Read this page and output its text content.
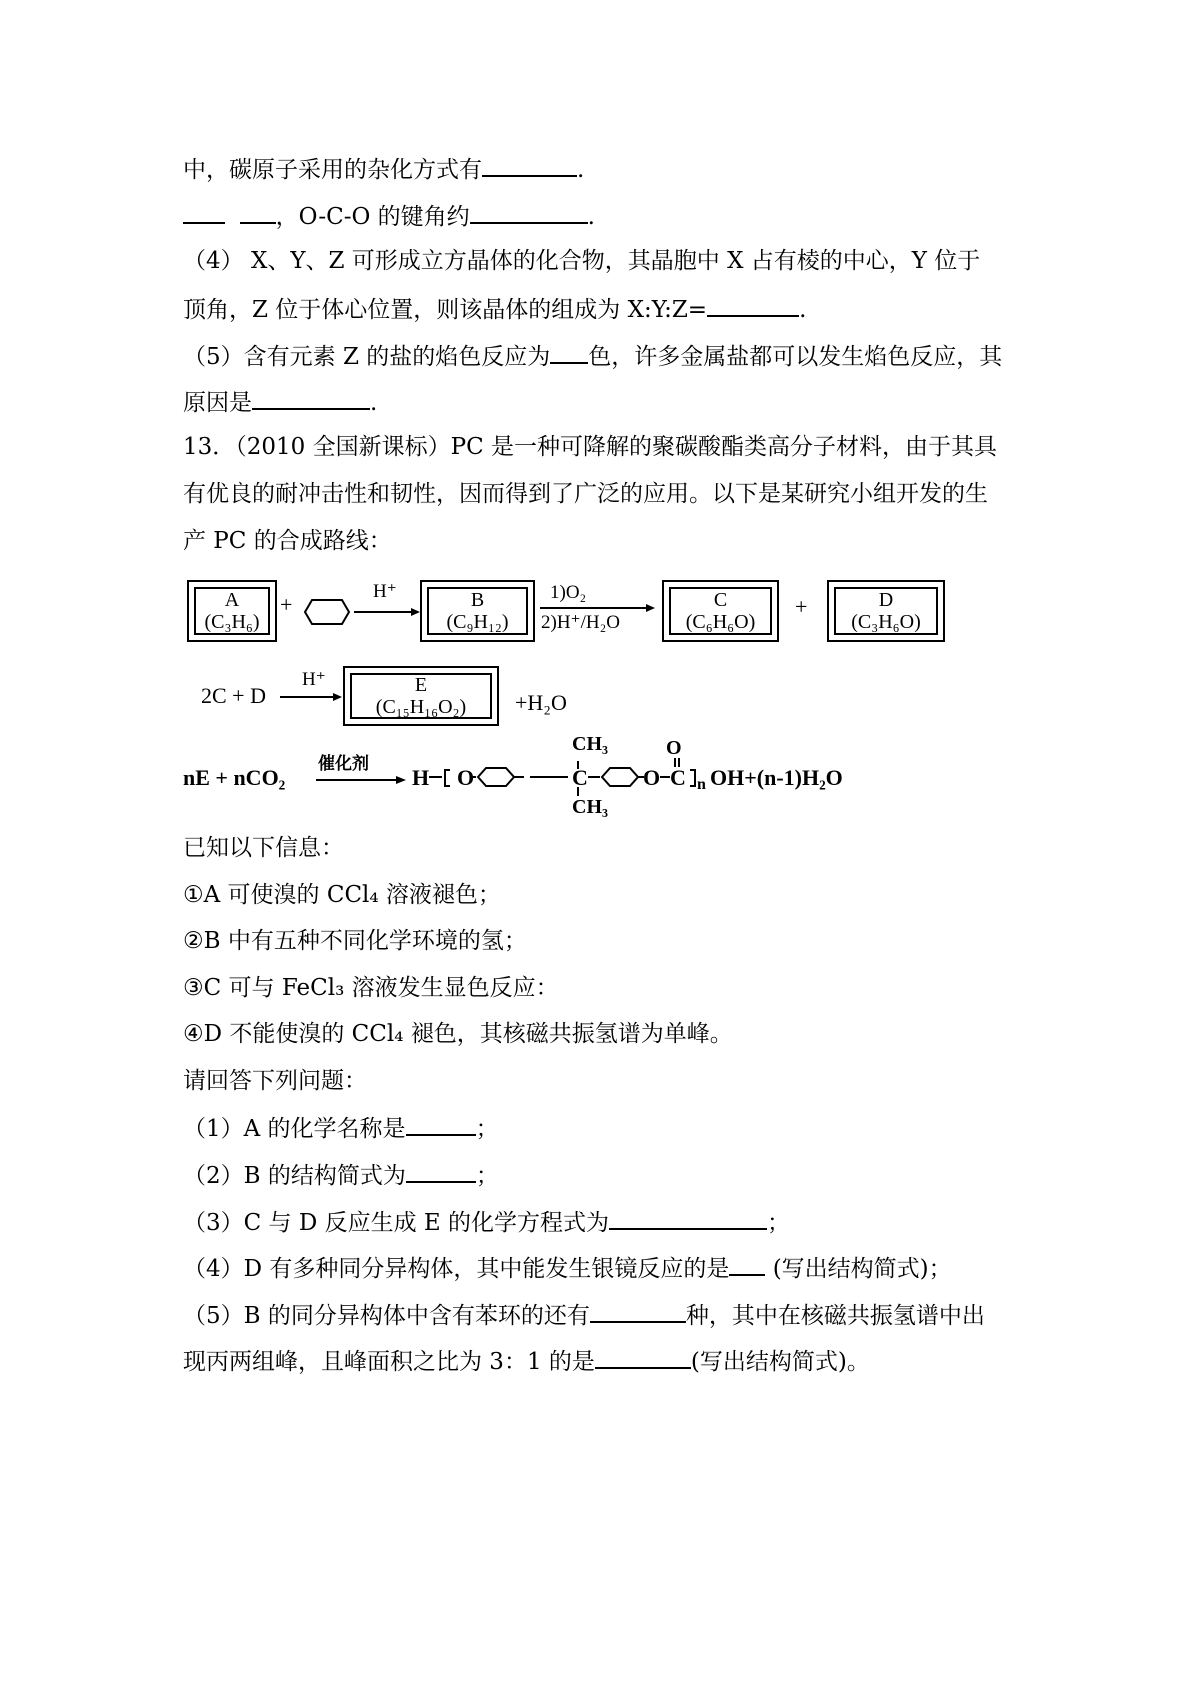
中，碳原子采用的杂化方式有	.
，O-C-O 的键角约	.
（4） X、Y、Z 可形成立方晶体的化合物，其晶胞中 X 占有棱的中心，Y 位于
顶角，Z 位于体心位置，则该晶体的组成为 X:Y:Z=	.
（5）含有元素 Z 的盐的焰色反应为 色，许多金属盐都可以发生焰色反应，其
原因是	.
13．（2010 全国新课标）PC 是一种可降解的聚碳酸酯类高分子材料，由于其具
有优良的耐冲击性和韧性，因而得到了广泛的应用。以下是某研究小组开发的生
产 PC 的合成路线：
A
(C₃H₆)
+
H⁺	B
(C₉H₁₂)
1)O₂
2)H⁺/H₂O
C
(C₆H₆O)
+	D
(C₃H₆O)
2C + D
H⁺	E
(C₁₅H₁₆O₂) +H₂O
nE + nCO₂
催化剂
H O	C
CH₃
CH₃
O
O C n OH+(n-1)H₂O
已知以下信息：
①A 可使溴的 CCl₄ 溶液褪色；
②B 中有五种不同化学环境的氢；
③C 可与 FeCl₃ 溶液发生显色反应：
④D 不能使溴的 CCl₄ 褪色，其核磁共振氢谱为单峰。
请回答下列问题：
（1）A 的化学名称是	；
（2）B 的结构简式为	；
（3）C 与 D 反应生成 E 的化学方程式为	；
（4）D 有多种同分异构体，其中能发生银镜反应的是 (写出结构简式)；
（5）B 的同分异构体中含有苯环的还有	种，其中在核磁共振氢谱中出
现丙两组峰，且峰面积之比为 3：1 的是	(写出结构简式)。
